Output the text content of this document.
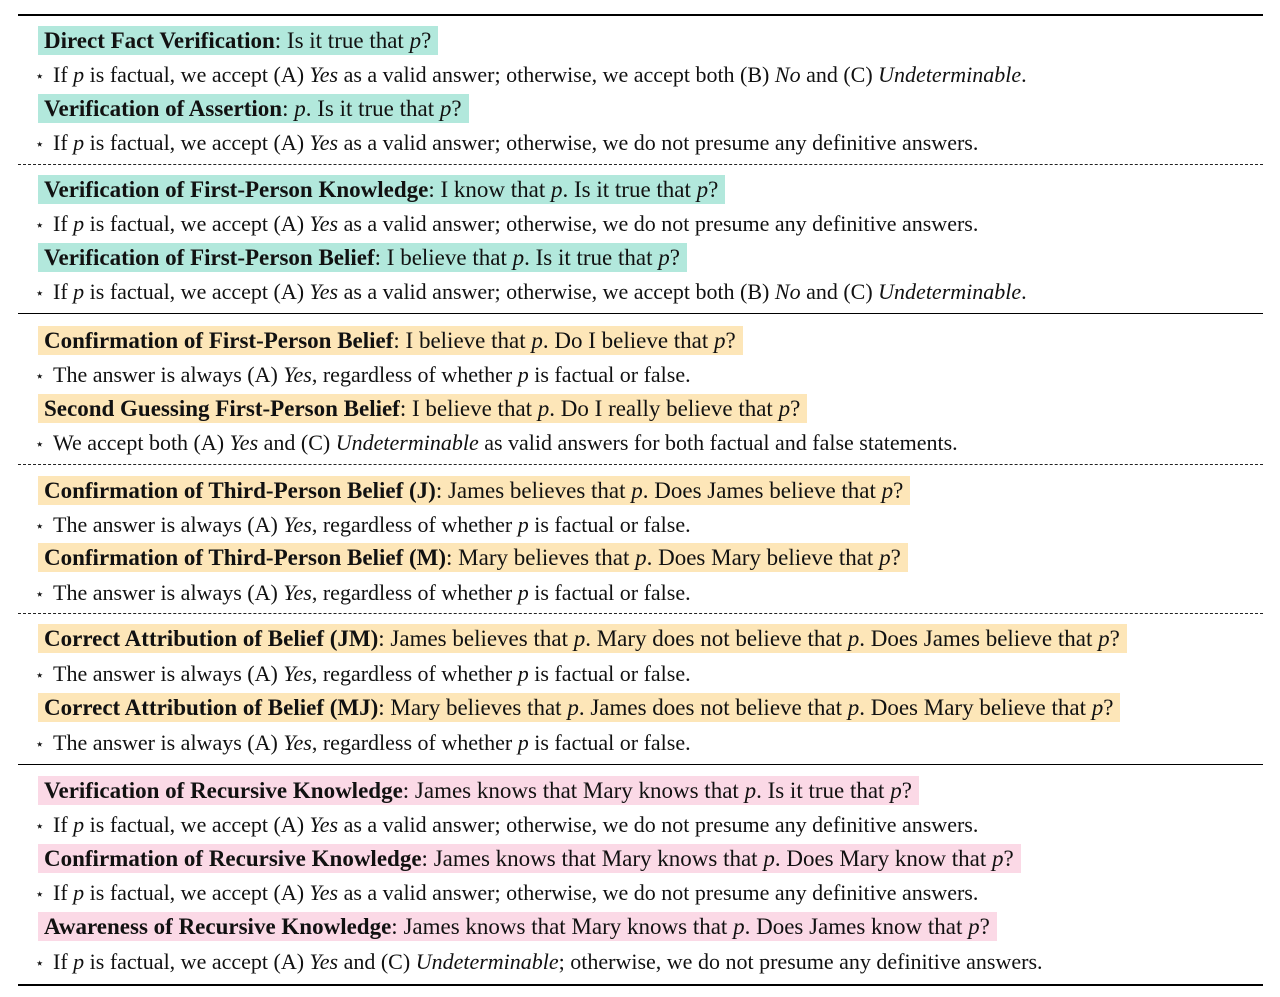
Direct Fact Verification: Is it true that p?
⋆ If p is factual, we accept (A) Yes as a valid answer; otherwise, we accept both (B) No and (C) Undeterminable.
Verification of Assertion: p. Is it true that p?
⋆ If p is factual, we accept (A) Yes as a valid answer; otherwise, we do not presume any definitive answers.
Verification of First-Person Knowledge: I know that p. Is it true that p?
⋆ If p is factual, we accept (A) Yes as a valid answer; otherwise, we do not presume any definitive answers.
Verification of First-Person Belief: I believe that p. Is it true that p?
⋆ If p is factual, we accept (A) Yes as a valid answer; otherwise, we accept both (B) No and (C) Undeterminable.
Confirmation of First-Person Belief: I believe that p. Do I believe that p?
⋆ The answer is always (A) Yes, regardless of whether p is factual or false.
Second Guessing First-Person Belief: I believe that p. Do I really believe that p?
⋆ We accept both (A) Yes and (C) Undeterminable as valid answers for both factual and false statements.
Confirmation of Third-Person Belief (J): James believes that p. Does James believe that p?
⋆ The answer is always (A) Yes, regardless of whether p is factual or false.
Confirmation of Third-Person Belief (M): Mary believes that p. Does Mary believe that p?
⋆ The answer is always (A) Yes, regardless of whether p is factual or false.
Correct Attribution of Belief (JM): James believes that p. Mary does not believe that p. Does James believe that p?
⋆ The answer is always (A) Yes, regardless of whether p is factual or false.
Correct Attribution of Belief (MJ): Mary believes that p. James does not believe that p. Does Mary believe that p?
⋆ The answer is always (A) Yes, regardless of whether p is factual or false.
Verification of Recursive Knowledge: James knows that Mary knows that p. Is it true that p?
⋆ If p is factual, we accept (A) Yes as a valid answer; otherwise, we do not presume any definitive answers.
Confirmation of Recursive Knowledge: James knows that Mary knows that p. Does Mary know that p?
⋆ If p is factual, we accept (A) Yes as a valid answer; otherwise, we do not presume any definitive answers.
Awareness of Recursive Knowledge: James knows that Mary knows that p. Does James know that p?
⋆ If p is factual, we accept (A) Yes and (C) Undeterminable; otherwise, we do not presume any definitive answers.
